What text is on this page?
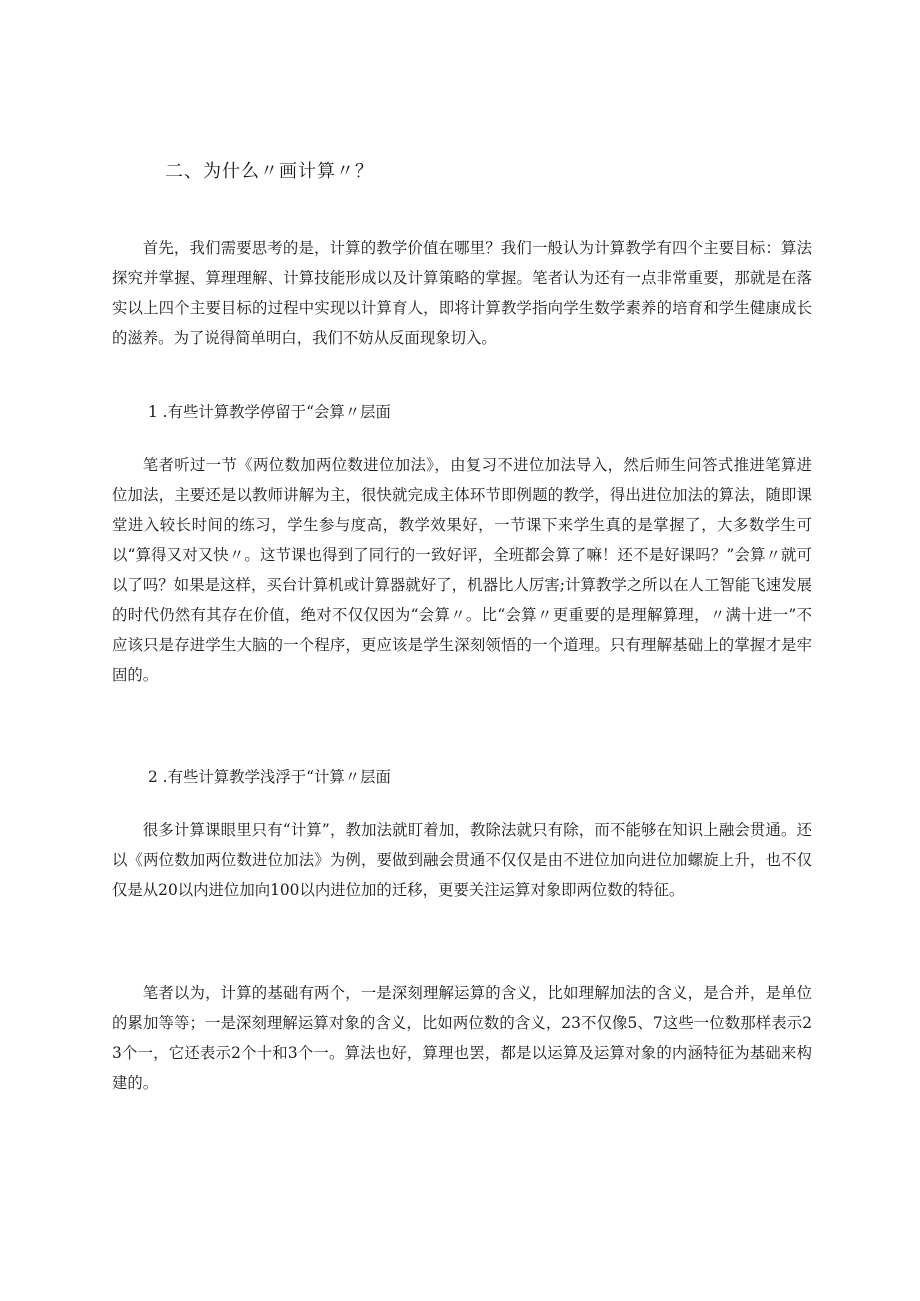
二、为什么〃画计算〃？

首先，我们需要思考的是，计算的教学价值在哪里？我们一般认为计算教学有四个主要目标：算法探究并掌握、算理理解、计算技能形成以及计算策略的掌握。笔者认为还有一点非常重要，那就是在落实以上四个主要目标的过程中实现以计算育人，即将计算教学指向学生数学素养的培育和学生健康成长的滋养。为了说得简单明白，我们不妨从反面现象切入。

1 .有些计算教学停留于“会算〃层面

笔者听过一节《两位数加两位数进位加法》，由复习不进位加法导入，然后师生问答式推进笔算进位加法，主要还是以教师讲解为主，很快就完成主体环节即例题的教学，得出进位加法的算法，随即课堂进入较长时间的练习，学生参与度高，教学效果好，一节课下来学生真的是掌握了，大多数学生可以“算得又对又快〃。这节课也得到了同行的一致好评，全班都会算了嘛！还不是好课吗？”会算〃就可以了吗？如果是这样，买台计算机或计算器就好了，机器比人厉害;计算教学之所以在人工智能飞速发展的时代仍然有其存在价值，绝对不仅仅因为“会算〃。比“会算〃更重要的是理解算理，〃满十进一”不应该只是存进学生大脑的一个程序，更应该是学生深刻领悟的一个道理。只有理解基础上的掌握才是牢固的。

2 .有些计算教学浅浮于“计算〃层面

很多计算课眼里只有“计算”，教加法就盯着加，教除法就只有除，而不能够在知识上融会贯通。还以《两位数加两位数进位加法》为例，要做到融会贯通不仅仅是由不进位加向进位加螺旋上升，也不仅仅是从20以内进位加向100以内进位加的迁移，更要关注运算对象即两位数的特征。

笔者以为，计算的基础有两个，一是深刻理解运算的含义，比如理解加法的含义，是合并，是单位的累加等等；一是深刻理解运算对象的含义，比如两位数的含义，23不仅像5、7这些一位数那样表示23个一，它还表示2个十和3个一。算法也好，算理也罢，都是以运算及运算对象的内涵特征为基础来构建的。
